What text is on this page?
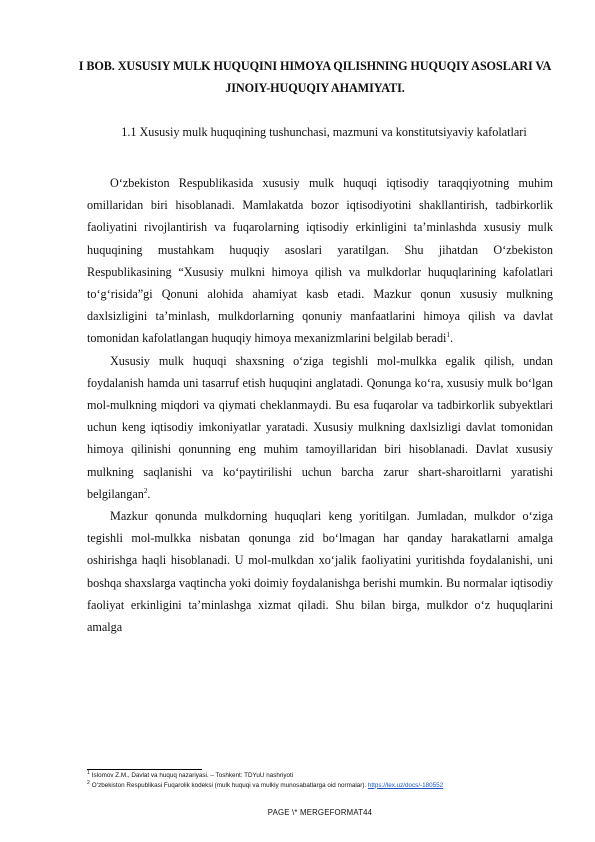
I BOB. XUSUSIY MULK HUQUQINI HIMOYA QILISHNING HUQUQIY ASOSLARI VA JINOIY-HUQUQIY AHAMIYATI.
1.1 Xususiy mulk huquqining tushunchasi, mazmuni va konstitutsiyaviy kafolatlari

O‘zbekiston Respublikasida xususiy mulk huquqi iqtisodiy taraqqiyotning muhim omillaridan biri hisoblanadi. Mamlakatda bozor iqtisodiyotini shakllantirish, tadbirkorlik faoliyatini rivojlantirish va fuqarolarning iqtisodiy erkinligini taʼminlashda xususiy mulk huquqining mustahkam huquqiy asoslari yaratilgan. Shu jihatdan O‘zbekiston Respublikasining “Xususiy mulkni himoya qilish va mulkdorlar huquqlarining kafolatlari to‘g‘risida”gi Qonuni alohida ahamiyat kasb etadi. Mazkur qonun xususiy mulkning daxlsizligini taʼminlash, mulkdorlarning qonuniy manfaatlarini himoya qilish va davlat tomonidan kafolatlangan huquqiy himoya mexanizmlarini belgilab beradi$^1$.

Xususiy mulk huquqi shaxsning o‘ziga tegishli mol-mulkka egalik qilish, undan foydalanish hamda uni tasarruf etish huquqini anglatadi. Qonunga ko‘ra, xususiy mulk bo‘lgan mol-mulkning miqdori va qiymati cheklanmaydi. Bu esa fuqarolar va tadbirkorlik subyektlari uchun keng iqtisodiy imkoniyatlar yaratadi. Xususiy mulkning daxlsizligi davlat tomonidan himoya qilinishi qonunning eng muhim tamoyillaridan biri hisoblanadi. Davlat xususiy mulkning saqlanishi va ko‘paytirilishi uchun barcha zarur shart-sharoitlarni yaratishi belgilangan$^2$.

Mazkur qonunda mulkdorning huquqlari keng yoritilgan. Jumladan, mulkdor o‘ziga tegishli mol-mulkka nisbatan qonunga zid bo‘lmagan har qanday harakatlarni amalga oshirishga haqli hisoblanadi. U mol-mulkdan xo‘jalik faoliyatini yuritishda foydalanishi, uni boshqa shaxslarga vaqtincha yoki doimiy foydalanishga berishi mumkin. Bu normalar iqtisodiy faoliyat erkinligini taʼminlashga xizmat qiladi. Shu bilan birga, mulkdor o‘z huquqlarini amalga

$^1$ Islomov Z.M., Davlat va huquq nazariyasi. – Toshkent: TDYuU nashriyoti
$^2$ O‘zbekiston Respublikasi Fuqarolik kodeksi (mulk huquqi va mulkiy munosabatlarga oid normalar). https://lex.uz/docs/-180552
PAGE \* MERGEFORMAT44
